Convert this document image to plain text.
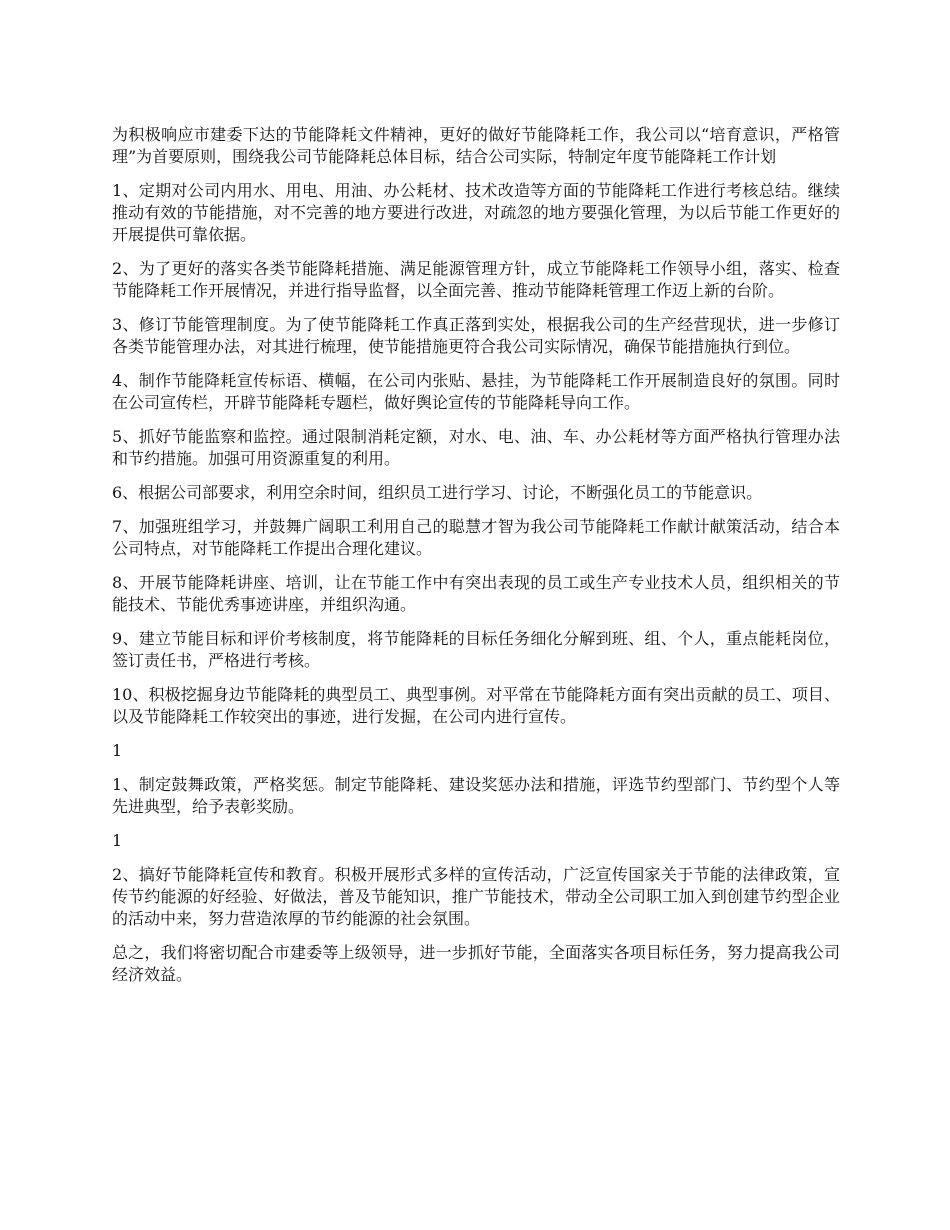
为积极响应市建委下达的节能降耗文件精神，更好的做好节能降耗工作，我公司以“培育意识，严格管理”为首要原则，围绕我公司节能降耗总体目标，结合公司实际，特制定年度节能降耗工作计划

1、定期对公司内用水、用电、用油、办公耗材、技术改造等方面的节能降耗工作进行考核总结。继续推动有效的节能措施，对不完善的地方要进行改进，对疏忽的地方要强化管理，为以后节能工作更好的开展提供可靠依据。

2、为了更好的落实各类节能降耗措施、满足能源管理方针，成立节能降耗工作领导小组，落实、检查节能降耗工作开展情况，并进行指导监督，以全面完善、推动节能降耗管理工作迈上新的台阶。

3、修订节能管理制度。为了使节能降耗工作真正落到实处，根据我公司的生产经营现状，进一步修订各类节能管理办法，对其进行梳理，使节能措施更符合我公司实际情况，确保节能措施执行到位。

4、制作节能降耗宣传标语、横幅，在公司内张贴、悬挂，为节能降耗工作开展制造良好的氛围。同时在公司宣传栏，开辟节能降耗专题栏，做好舆论宣传的节能降耗导向工作。

5、抓好节能监察和监控。通过限制消耗定额，对水、电、油、车、办公耗材等方面严格执行管理办法和节约措施。加强可用资源重复的利用。

6、根据公司部要求，利用空余时间，组织员工进行学习、讨论，不断强化员工的节能意识。

7、加强班组学习，并鼓舞广阔职工利用自己的聪慧才智为我公司节能降耗工作献计献策活动，结合本公司特点，对节能降耗工作提出合理化建议。

8、开展节能降耗讲座、培训，让在节能工作中有突出表现的员工或生产专业技术人员，组织相关的节能技术、节能优秀事迹讲座，并组织沟通。

9、建立节能目标和评价考核制度，将节能降耗的目标任务细化分解到班、组、个人，重点能耗岗位，签订责任书，严格进行考核。

10、积极挖掘身边节能降耗的典型员工、典型事例。对平常在节能降耗方面有突出贡献的员工、项目、以及节能降耗工作较突出的事迹，进行发掘，在公司内进行宣传。

1

1、制定鼓舞政策，严格奖惩。制定节能降耗、建设奖惩办法和措施，评选节约型部门、节约型个人等先进典型，给予表彰奖励。

1

2、搞好节能降耗宣传和教育。积极开展形式多样的宣传活动，广泛宣传国家关于节能的法律政策，宣传节约能源的好经验、好做法，普及节能知识，推广节能技术，带动全公司职工加入到创建节约型企业的活动中来，努力营造浓厚的节约能源的社会氛围。

总之，我们将密切配合市建委等上级领导，进一步抓好节能，全面落实各项目标任务，努力提高我公司经济效益。
